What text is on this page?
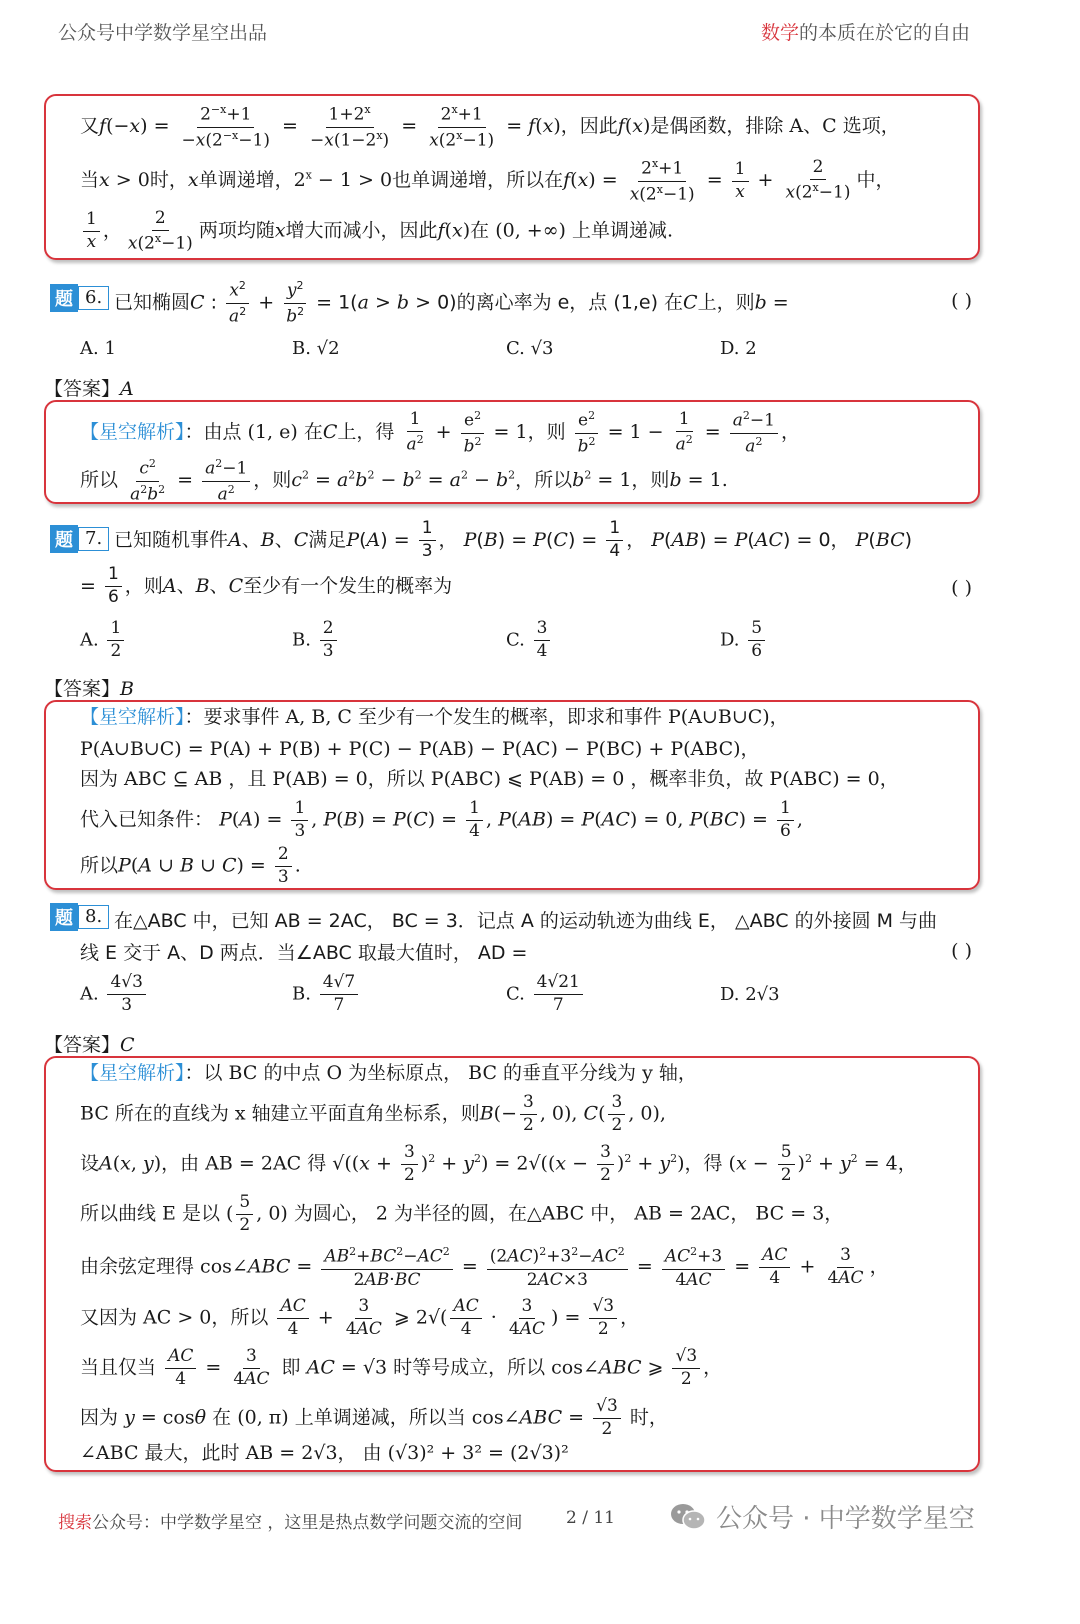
公众号中学数学星空出品	数学的本质在於它的自由
又$f(-x) = \frac{2^{-x}+1}{-x(2^{-x}-1)} = \frac{1+2^x}{-x(1-2^x)} = \frac{2^x+1}{x(2^x-1)} = f(x)$，因此f(x)是偶函数，排除 A、C 选项，
当x > 0时，x单调递增，$2^x - 1 > 0$也单调递增，所以在$f(x) = \frac{2^x+1}{x(2^x-1)} = \frac{1}{x} + \frac{2}{x(2^x-1)}$ 中，
$\frac{1}{x}$ ， $\frac{2}{x(2^x-1)}$ 两项均随x增大而减小，因此f(x)在 (0, +∞) 上单调递减.
题 6. 已知椭圆C : $\frac{x^2}{a^2} + \frac{y^2}{b^2} = 1(a > b > 0)$的离心率为 e，点 (1,e) 在C上，则b =	( )
A. 1	B. √2	C. √3	D. 2
【答案】A
【星空解析】：由点 (1, e) 在C上，得 $\frac{1}{a^2} + \frac{e^2}{b^2} = 1$，则 $\frac{e^2}{b^2} = 1 - \frac{1}{a^2} = \frac{a^2-1}{a^2}$ ，
所以 $\frac{c^2}{a^2b^2} = \frac{a^2-1}{a^2}$ ，则$c^2 = a^2b^2 - b^2 = a^2 - b^2$，所以$b^2 = 1$，则b = 1.
题 7. 已知随机事件A、B、C满足$P(A) = \frac{1}{3}$ ， $P(B) = P(C) = \frac{1}{4}$ ， P(AB) = P(AC) = 0， P(BC)
= $\frac{1}{6}$ ，则A、B、C至少有一个发生的概率为	( )
A. $\frac{1}{2}$	B. $\frac{2}{3}$	C. $\frac{3}{4}$	D. $\frac{5}{6}$
【答案】B
【星空解析】：要求事件 A, B, C 至少有一个发生的概率，即求和事件 P(A∪B∪C)，
P(A∪B∪C) = P(A) + P(B) + P(C) − P(AB) − P(AC) − P(BC) + P(ABC)，
因为 ABC ⊆ AB ，且 P(AB) = 0，所以 P(ABC) ⩽ P(AB) = 0 ，概率非负，故 P(ABC) = 0，
代入已知条件： $P(A) = \frac{1}{3}$ , $P(B) = P(C) = \frac{1}{4}$ , P(AB) = P(AC) = 0, $P(BC) = \frac{1}{6}$ ,
所以P(A ∪ B ∪ $C) = \frac{2}{3}$ .
题 8. 在△ABC 中，已知 AB = 2AC， BC = 3．记点 A 的运动轨迹为曲线 E， △ABC 的外接圆 M 与曲
线 E 交于 A、D 两点．当∠ABC 取最大值时， AD =	( )
A. $\frac{4√3}{3}$	B. $\frac{4√7}{7}$	C. $\frac{4√21}{7}$	D. 2√3
【答案】C
【星空解析】：以 BC 的中点 O 为坐标原点， BC 的垂直平分线为 y 轴，
BC 所在的直线为 x 轴建立平面直角坐标系，则$B(- \frac{3}{2}$ , 0), $C( \frac{3}{2}$ , 0),
设A(x, y)，由 AB = 2AC 得 $√((x + \frac{3}{2} )^2 + y^2) = 2√((x - \frac{3}{2} )^2 + y^2)$，得 $(x - \frac{5}{2} )^2 + y^2 = 4$，
所以曲线 E 是以 ( $\frac{5}{2}$ , 0) 为圆心， 2 为半径的圆，在△ABC 中， AB = 2AC， BC = 3，
由余弦定理得 cos∠ABC = $\frac{AB^2+BC^2-AC^2}{2AB\cdot BC} = \frac{(2AC)^2+3^2-AC^2}{2AC\times 3} = \frac{AC^2+3}{4AC} = \frac{AC}{4} + \frac{3}{4AC}$ ，
又因为 AC > 0，所以 $\frac{AC}{4} + \frac{3}{4AC}$ ⩾ $2√( \frac{AC}{4} \cdot \frac{3}{4AC}$ ) = $\frac{√3}{2}$ ，
当且仅当 $\frac{AC}{4} = \frac{3}{4AC}$ 即 AC = √3 时等号成立，所以 cos∠ABC ⩾ $\frac{√3}{2}$ ，
因为 y = cosθ 在 (0, π) 上单调递减，所以当 cos∠ABC = $\frac{√3}{2}$ 时，
∠ABC 最大，此时 AB = 2√3， 由 (√3)² + 3² = (2√3)²
搜索公众号：中学数学星空 ，这里是热点数学问题交流的空间	2 / 11	公众号 · 中学数学星空
